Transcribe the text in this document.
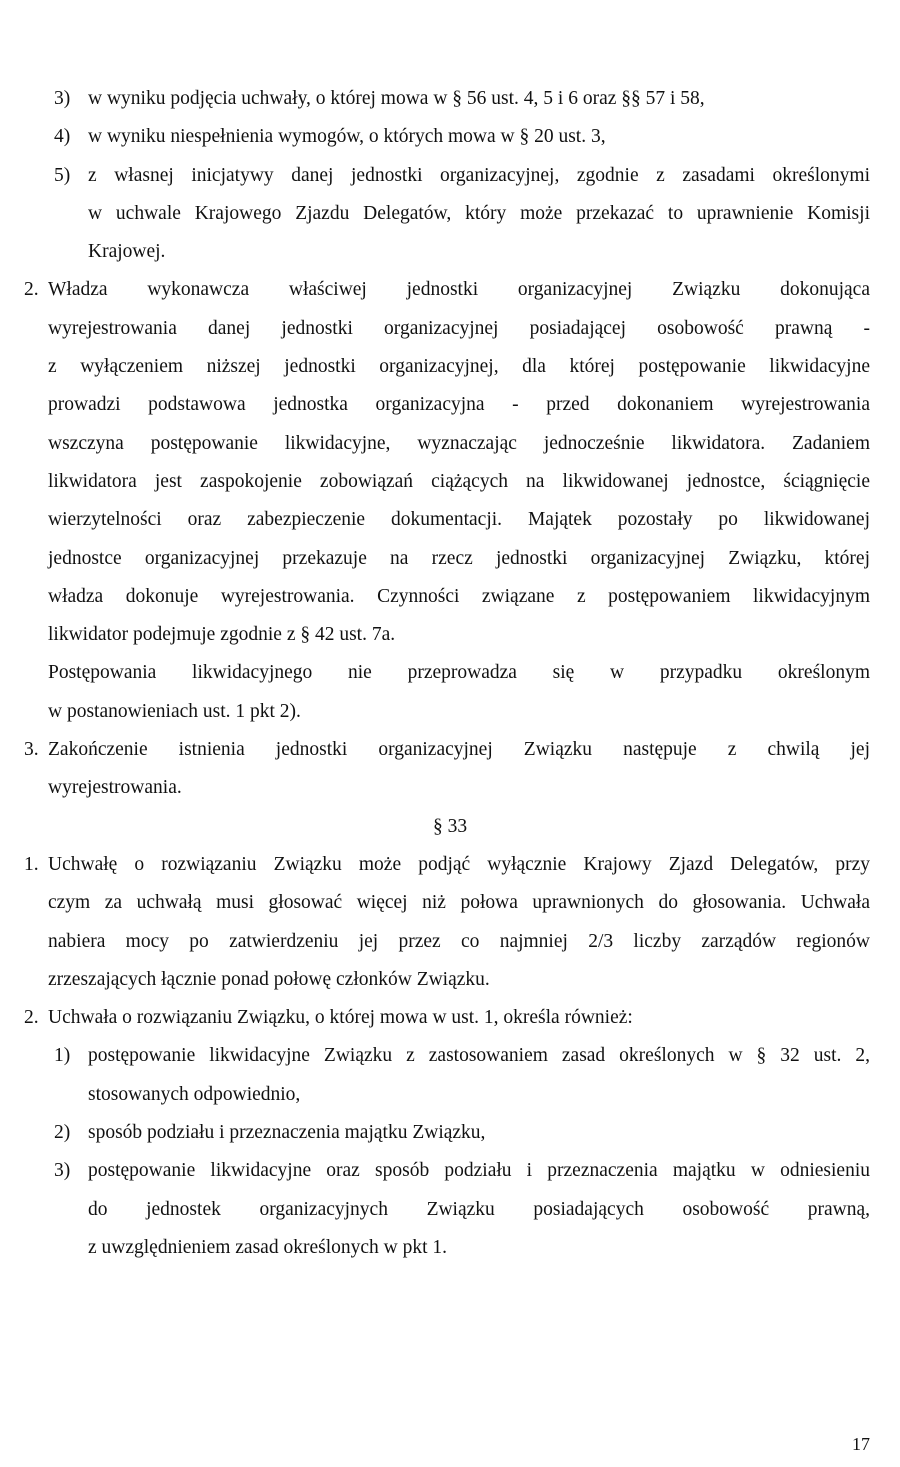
3) w wyniku podjęcia uchwały, o której mowa w § 56 ust. 4, 5 i 6 oraz §§ 57 i 58,

4) w wyniku niespełnienia wymogów, o których mowa w § 20 ust. 3,

5) z własnej inicjatywy danej jednostki organizacyjnej, zgodnie z zasadami określonymi
w uchwale Krajowego Zjazdu Delegatów, który może przekazać to uprawnienie Komisji
Krajowej.
2. Władza wykonawcza właściwej jednostki organizacyjnej Związku dokonująca
wyrejestrowania danej jednostki organizacyjnej posiadającej osobowość prawną -
z wyłączeniem niższej jednostki organizacyjnej, dla której postępowanie likwidacyjne
prowadzi podstawowa jednostka organizacyjna - przed dokonaniem wyrejestrowania
wszczyna postępowanie likwidacyjne, wyznaczając jednocześnie likwidatora. Zadaniem
likwidatora jest zaspokojenie zobowiązań ciążących na likwidowanej jednostce, ściągnięcie
wierzytelności oraz zabezpieczenie dokumentacji. Majątek pozostały po likwidowanej
jednostce organizacyjnej przekazuje na rzecz jednostki organizacyjnej Związku, której
władza dokonuje wyrejestrowania. Czynności związane z postępowaniem likwidacyjnym
likwidator podejmuje zgodnie z § 42 ust. 7a.
Postępowania likwidacyjnego nie przeprowadza się w przypadku określonym
w postanowieniach ust. 1 pkt 2).
3. Zakończenie istnienia jednostki organizacyjnej Związku następuje z chwilą jej
wyrejestrowania.
§ 33
1. Uchwałę o rozwiązaniu Związku może podjąć wyłącznie Krajowy Zjazd Delegatów, przy
czym za uchwałą musi głosować więcej niż połowa uprawnionych do głosowania. Uchwała
nabiera mocy po zatwierdzeniu jej przez co najmniej 2/3 liczby zarządów regionów
zrzeszających łącznie ponad połowę członków Związku.
2. Uchwała o rozwiązaniu Związku, o której mowa w ust. 1, określa również:
1) postępowanie likwidacyjne Związku z zastosowaniem zasad określonych w § 32 ust. 2,
stosowanych odpowiednio,
2) sposób podziału i przeznaczenia majątku Związku,
3) postępowanie likwidacyjne oraz sposób podziału i przeznaczenia majątku w odniesieniu
do jednostek organizacyjnych Związku posiadających osobowość prawną,
z uwzględnieniem zasad określonych w pkt 1.
17
